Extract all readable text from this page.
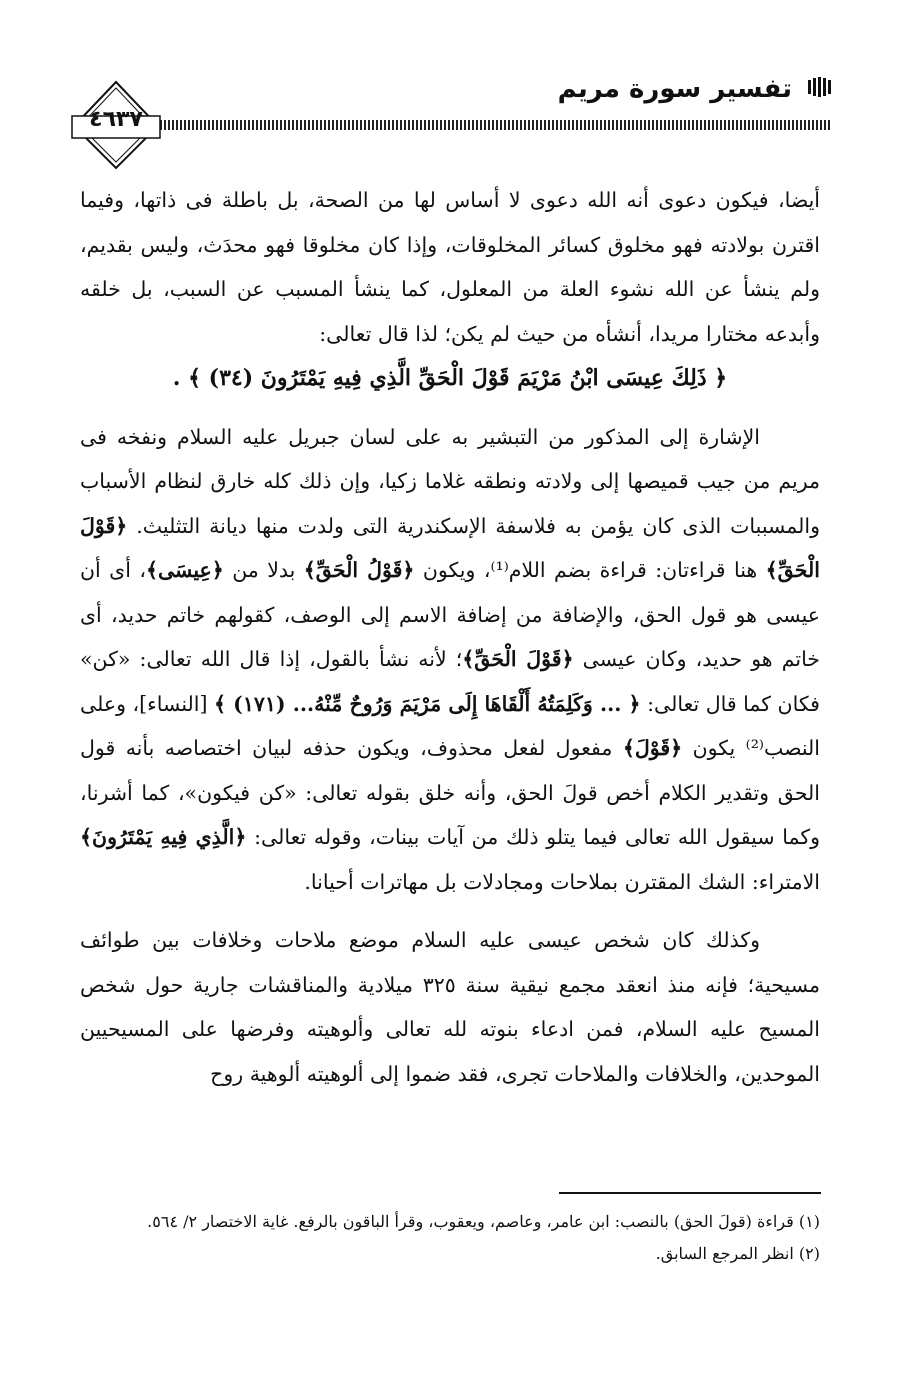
تفسير سورة مريم
٤٦٣٧

أيضا، فيكون دعوى أنه الله دعوى لا أساس لها من الصحة، بل باطلة فى ذاتها، وفيما اقترن بولادته فهو مخلوق كسائر المخلوقات، وإذا كان مخلوقا فهو محدَث، وليس بقديم، ولم ينشأ عن الله نشوء العلة من المعلول، كما ينشأ المسبب عن السبب، بل خلقه وأبدعه مختارا مريدا، أنشأه من حيث لم يكن؛ لذا قال تعالى:

﴿ ذَلِكَ عِيسَى ابْنُ مَرْيَمَ قَوْلَ الْحَقِّ الَّذِي فِيهِ يَمْتَرُونَ (٣٤) ﴾ .

الإشارة إلى المذكور من التبشير به على لسان جبريل عليه السلام ونفخه فى مريم من جيب قميصها إلى ولادته ونطقه غلاما زكيا، وإن ذلك كله خارق لنظام الأسباب والمسببات الذى كان يؤمن به فلاسفة الإسكندرية التى ولدت منها ديانة التثليث. ﴿قَوْلَ الْحَقِّ﴾ هنا قراءتان: قراءة بضم اللام⁽¹⁾، ويكون ﴿قَوْلُ الْحَقِّ﴾ بدلا من ﴿عِيسَى﴾، أى أن عيسى هو قول الحق، والإضافة من إضافة الاسم إلى الوصف، كقولهم خاتم حديد، أى خاتم هو حديد، وكان عيسى ﴿قَوْلَ الْحَقِّ﴾؛ لأنه نشأ بالقول، إذا قال الله تعالى: «كن» فكان كما قال تعالى: ﴿ ... وَكَلِمَتُهُ أَلْقَاهَا إِلَى مَرْيَمَ وَرُوحٌ مِّنْهُ... (١٧١) ﴾ [النساء]، وعلى النصب⁽²⁾ يكون ﴿قَوْلَ﴾ مفعول لفعل محذوف، ويكون حذفه لبيان اختصاصه بأنه قول الحق وتقدير الكلام أخص قولَ الحق، وأنه خلق بقوله تعالى: «كن فيكون»، كما أشرنا، وكما سيقول الله تعالى فيما يتلو ذلك من آيات بينات، وقوله تعالى: ﴿الَّذِي فِيهِ يَمْتَرُونَ﴾ الامتراء: الشك المقترن بملاحات ومجادلات بل مهاترات أحيانا.

وكذلك كان شخص عيسى عليه السلام موضع ملاحات وخلافات بين طوائف مسيحية؛ فإنه منذ انعقد مجمع نيقية سنة ٣٢٥ ميلادية والمناقشات جارية حول شخص المسيح عليه السلام، فمن ادعاء بنوته لله تعالى وألوهيته وفرضها على المسيحيين الموحدين، والخلافات والملاحات تجرى، فقد ضموا إلى ألوهيته ألوهية روح

(١) قراءة (قولَ الحق) بالنصب: ابن عامر، وعاصم، ويعقوب، وقرأ الباقون بالرفع. غاية الاختصار ٢/ ٥٦٤.

(٢) انظر المرجع السابق.
